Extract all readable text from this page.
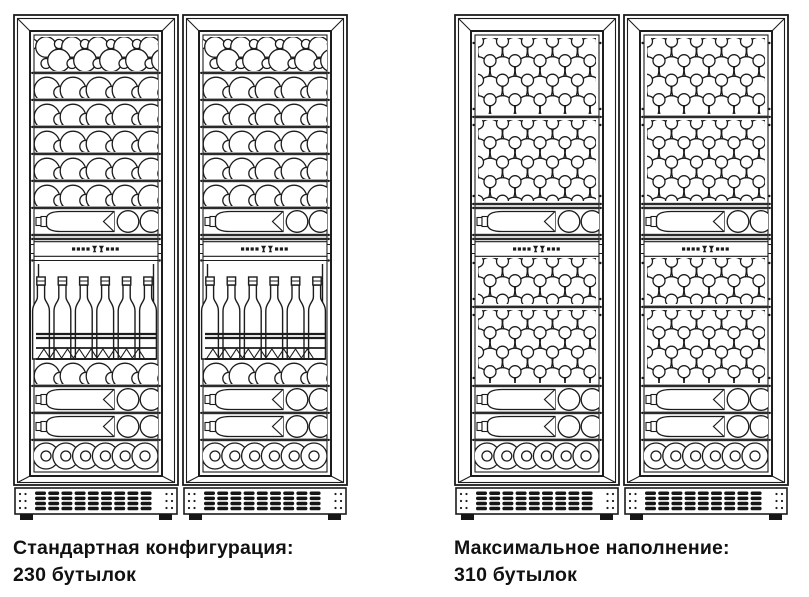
Стандартная конфигурация:
230 бутылок

Максимальное наполнение:
310 бутылок
